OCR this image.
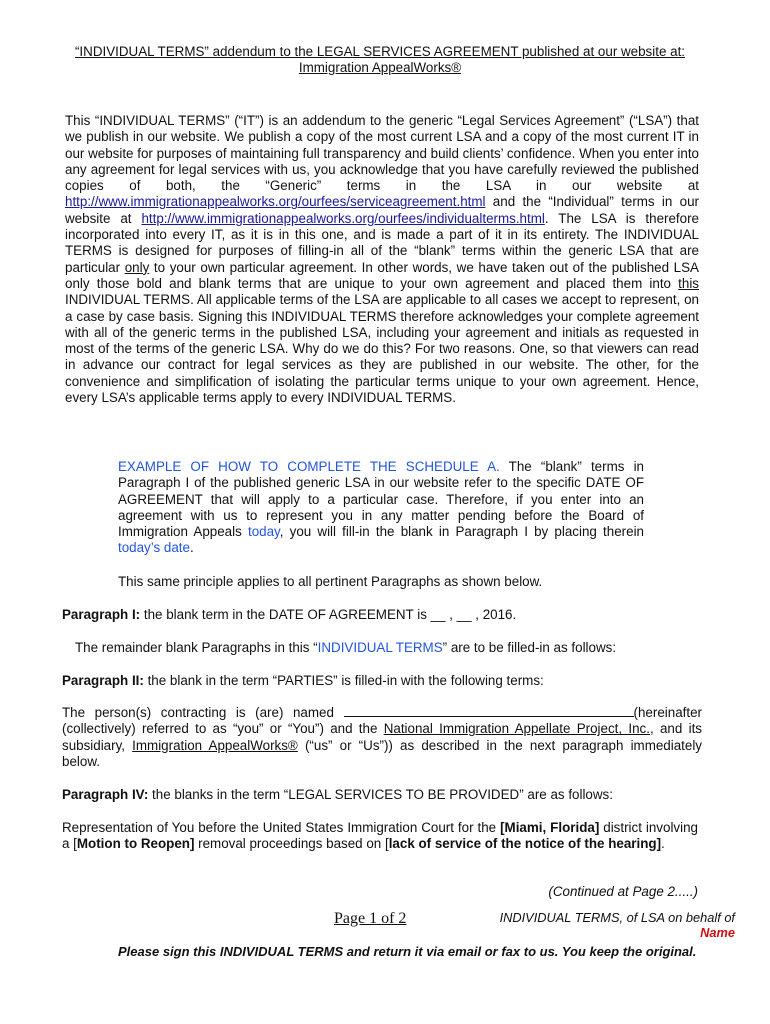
“INDIVIDUAL TERMS” addendum to the LEGAL SERVICES AGREEMENT published at our website at:
Immigration AppealWorks®
This “INDIVIDUAL TERMS” (“IT”) is an addendum to the generic “Legal Services Agreement” (“LSA”) that we publish in our website. We publish a copy of the most current LSA and a copy of the most current IT in our website for purposes of maintaining full transparency and build clients’ confidence. When you enter into any agreement for legal services with us, you acknowledge that you have carefully reviewed the published copies of both, the “Generic” terms in the LSA in our website at http://www.immigrationappealworks.org/ourfees/serviceagreement.html and the “Individual” terms in our website at http://www.immigrationappealworks.org/ourfees/individualterms.html. The LSA is therefore incorporated into every IT, as it is in this one, and is made a part of it in its entirety. The INDIVIDUAL TERMS is designed for purposes of filling-in all of the “blank” terms within the generic LSA that are particular only to your own particular agreement. In other words, we have taken out of the published LSA only those bold and blank terms that are unique to your own agreement and placed them into this INDIVIDUAL TERMS. All applicable terms of the LSA are applicable to all cases we accept to represent, on a case by case basis. Signing this INDIVIDUAL TERMS therefore acknowledges your complete agreement with all of the generic terms in the published LSA, including your agreement and initials as requested in most of the terms of the generic LSA. Why do we do this? For two reasons. One, so that viewers can read in advance our contract for legal services as they are published in our website. The other, for the convenience and simplification of isolating the particular terms unique to your own agreement. Hence, every LSA’s applicable terms apply to every INDIVIDUAL TERMS.
EXAMPLE OF HOW TO COMPLETE THE SCHEDULE A. The “blank” terms in Paragraph I of the published generic LSA in our website refer to the specific DATE OF AGREEMENT that will apply to a particular case. Therefore, if you enter into an agreement with us to represent you in any matter pending before the Board of Immigration Appeals today, you will fill-in the blank in Paragraph I by placing therein today’s date.
This same principle applies to all pertinent Paragraphs as shown below.
Paragraph I: the blank term in the DATE OF AGREEMENT is __ , __ , 2016.
The remainder blank Paragraphs in this “INDIVIDUAL TERMS” are to be filled-in as follows:
Paragraph II: the blank in the term “PARTIES” is filled-in with the following terms:
The person(s) contracting is (are) named	(hereinafter (collectively) referred to as “you” or “You”) and the National Immigration Appellate Project, Inc., and its subsidiary, Immigration AppealWorks® (“us” or “Us”)) as described in the next paragraph immediately below.
Paragraph IV: the blanks in the term “LEGAL SERVICES TO BE PROVIDED” are as follows:
Representation of You before the United States Immigration Court for the [Miami, Florida] district involving a [Motion to Reopen] removal proceedings based on [lack of service of the notice of the hearing].
(Continued at Page 2.....)
Page 1 of 2	INDIVIDUAL TERMS, of LSA on behalf of
Name
Please sign this INDIVIDUAL TERMS and return it via email or fax to us. You keep the original.
